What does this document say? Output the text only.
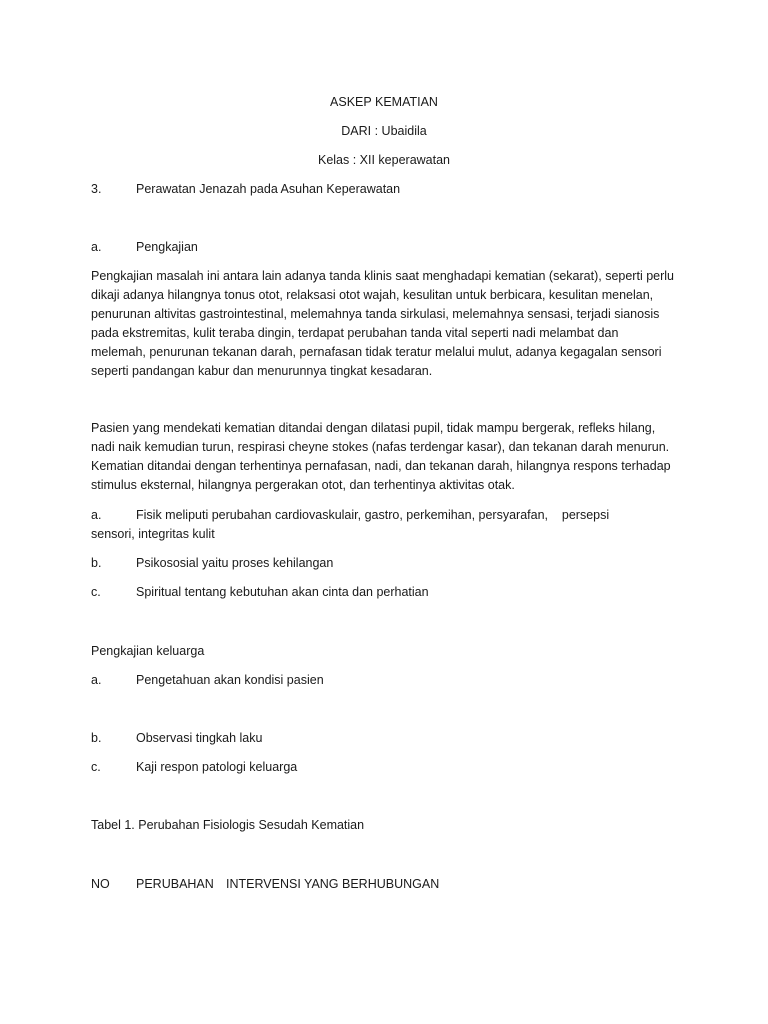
ASKEP KEMATIAN
DARI : Ubaidila
Kelas : XII keperawatan
3.	Perawatan Jenazah pada Asuhan Keperawatan
a.	Pengkajian
Pengkajian masalah ini antara lain adanya tanda klinis saat menghadapi kematian (sekarat), seperti perlu
dikaji adanya hilangnya tonus otot, relaksasi otot wajah, kesulitan untuk berbicara, kesulitan menelan,
penurunan altivitas gastrointestinal, melemahnya tanda sirkulasi, melemahnya sensasi, terjadi sianosis
pada ekstremitas, kulit teraba dingin, terdapat perubahan tanda vital seperti nadi melambat dan
melemah, penurunan tekanan darah, pernafasan tidak teratur melalui mulut, adanya kegagalan sensori
seperti pandangan kabur dan menurunnya tingkat kesadaran.
Pasien yang mendekati kematian ditandai dengan dilatasi pupil, tidak mampu bergerak, refleks hilang,
nadi naik kemudian turun, respirasi cheyne stokes (nafas terdengar kasar), dan tekanan darah menurun.
Kematian ditandai dengan terhentinya pernafasan, nadi, dan tekanan darah, hilangnya respons terhadap
stimulus eksternal, hilangnya pergerakan otot, dan terhentinya aktivitas otak.
a.	Fisik meliputi perubahan cardiovaskulair, gastro, perkemihan, persyarafan,    persepsi
sensori, integritas kulit
b.	Psikososial yaitu proses kehilangan
c.	Spiritual tentang kebutuhan akan cinta dan perhatian
Pengkajian keluarga
a.	Pengetahuan akan kondisi pasien
b.	Observasi tingkah laku
c.	Kaji respon patologi keluarga
Tabel 1. Perubahan Fisiologis Sesudah Kematian
NO PERUBAHAN INTERVENSI YANG BERHUBUNGAN
